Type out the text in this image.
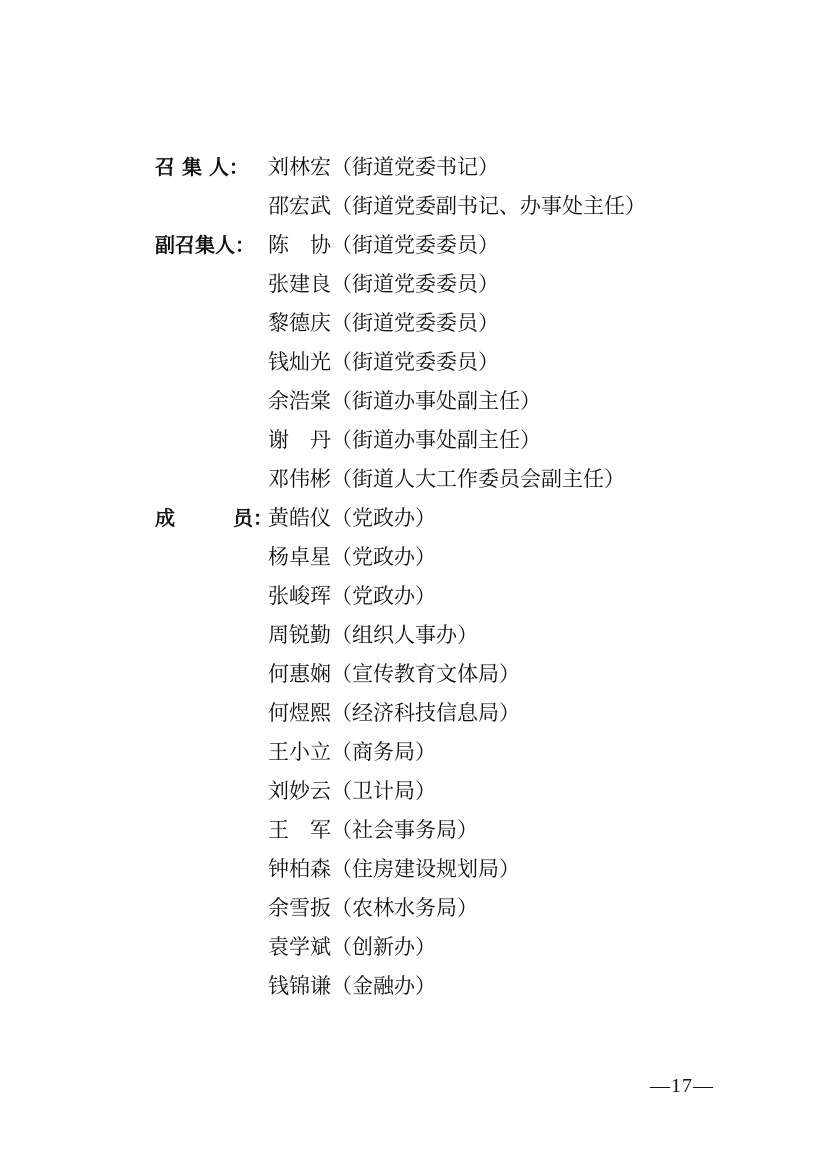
召 集 人： 刘林宏 （街道党委书记）
邵宏武 （街道党委副书记、办事处主任）
副召集人： 陈　协 （街道党委委员）
张建良 （街道党委委员）
黎德庆 （街道党委委员）
钱灿光 （街道党委委员）
余浩棠 （街道办事处副主任）
谢　丹 （街道办事处副主任）
邓伟彬 （街道人大工作委员会副主任）
成	员：
黄皓仪 （党政办）
杨卓星 （党政办）
张峻珲 （党政办）
周锐勤 （组织人事办）
何惠娴 （宣传教育文体局）
何煜熙 （经济科技信息局）
王小立 （商务局）
刘妙云 （卫计局）
王　军 （社会事务局）
钟柏森 （住房建设规划局）
余雪扳 （农林水务局）
袁学斌 （创新办）
钱锦谦 （金融办）
—17—
